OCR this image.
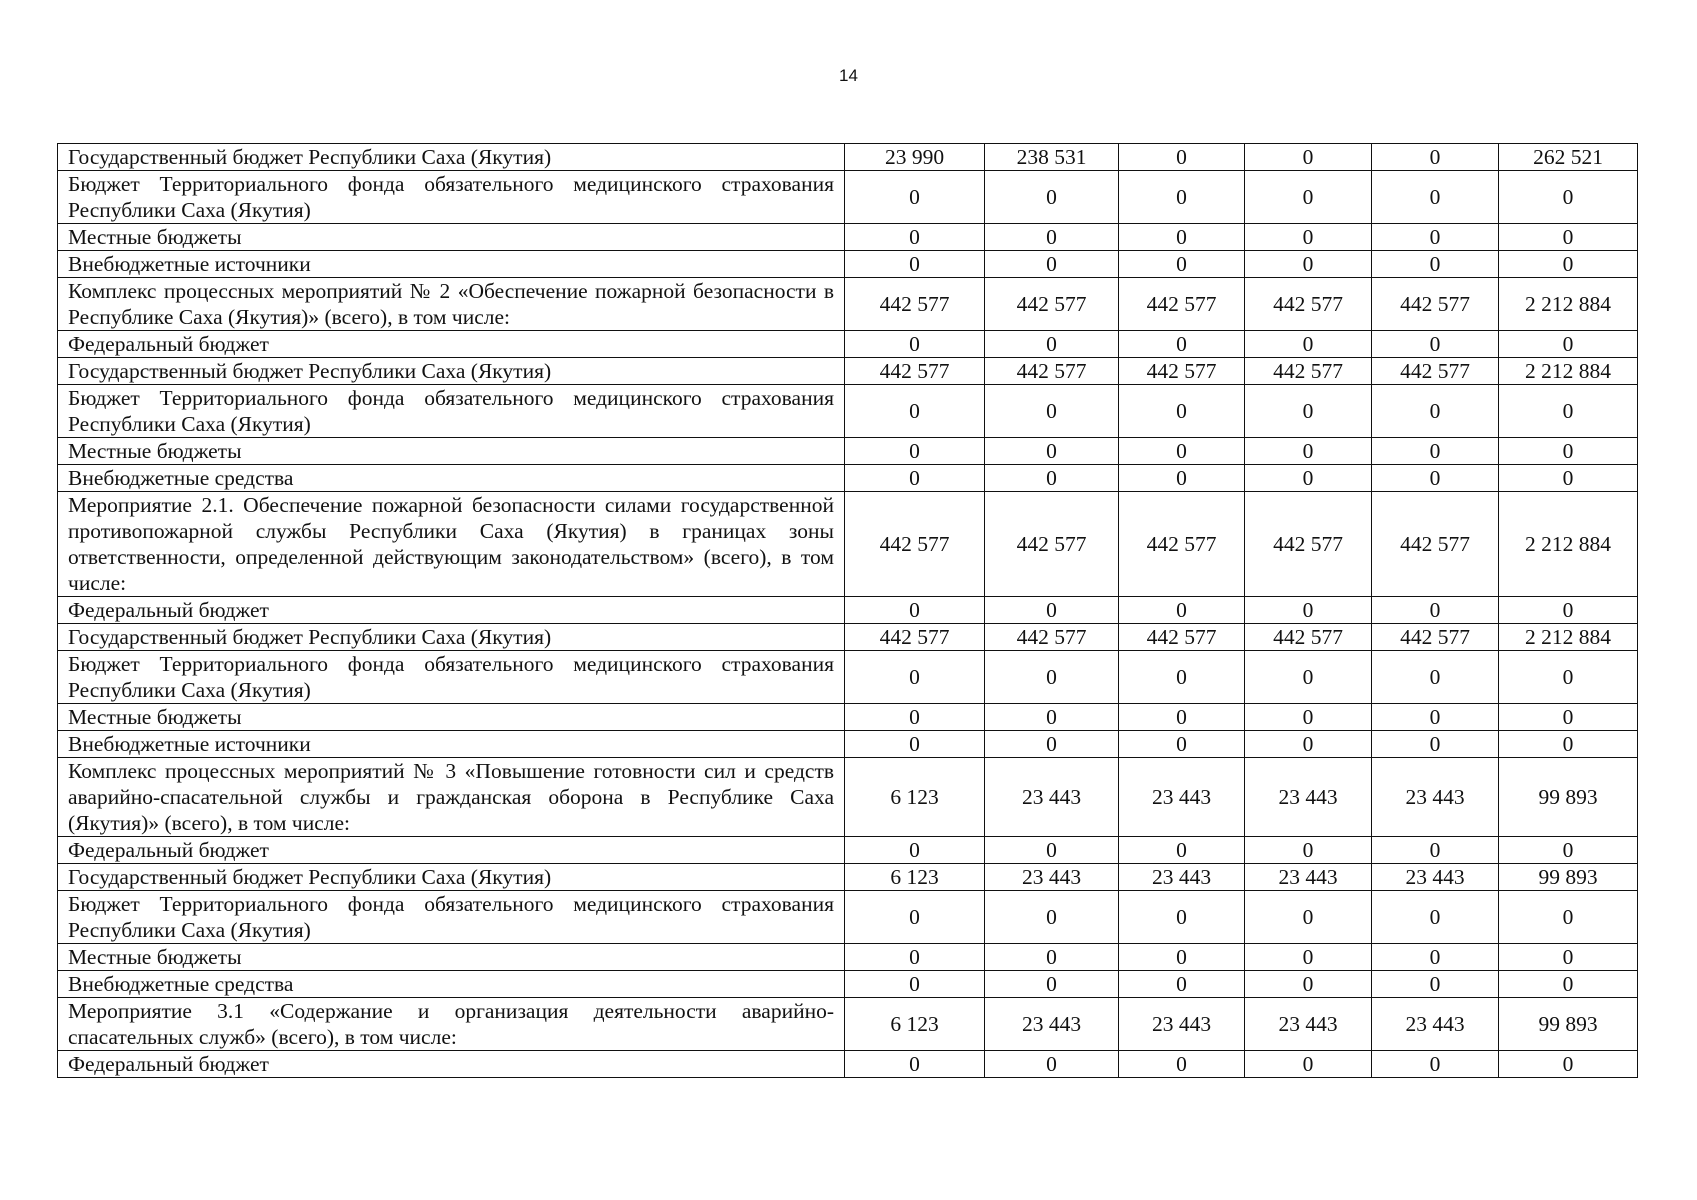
14
Государственный бюджет Республики Саха (Якутия)	23 990	238 531	0	0	0	262 521
Бюджет Территориального фонда обязательного медицинского страхования Республики Саха (Якутия)	0	0	0	0	0	0
Местные бюджеты	0	0	0	0	0	0
Внебюджетные источники	0	0	0	0	0	0
Комплекс процессных мероприятий № 2 «Обеспечение пожарной безопасности в Республике Саха (Якутия)» (всего), в том числе:	442 577	442 577	442 577	442 577	442 577	2 212 884
Федеральный бюджет	0	0	0	0	0	0
Государственный бюджет Республики Саха (Якутия)	442 577	442 577	442 577	442 577	442 577	2 212 884
Бюджет Территориального фонда обязательного медицинского страхования Республики Саха (Якутия)	0	0	0	0	0	0
Местные бюджеты	0	0	0	0	0	0
Внебюджетные средства	0	0	0	0	0	0
Мероприятие 2.1. Обеспечение пожарной безопасности силами государственной противопожарной службы Республики Саха (Якутия) в границах зоны ответственности, определенной действующим законодательством» (всего), в том числе:	442 577	442 577	442 577	442 577	442 577	2 212 884
Федеральный бюджет	0	0	0	0	0	0
Государственный бюджет Республики Саха (Якутия)	442 577	442 577	442 577	442 577	442 577	2 212 884
Бюджет Территориального фонда обязательного медицинского страхования Республики Саха (Якутия)	0	0	0	0	0	0
Местные бюджеты	0	0	0	0	0	0
Внебюджетные источники	0	0	0	0	0	0
Комплекс процессных мероприятий № 3 «Повышение готовности сил и средств аварийно-спасательной службы и гражданская оборона в Республике Саха (Якутия)» (всего), в том числе:	6 123	23 443	23 443	23 443	23 443	99 893
Федеральный бюджет	0	0	0	0	0	0
Государственный бюджет Республики Саха (Якутия)	6 123	23 443	23 443	23 443	23 443	99 893
Бюджет Территориального фонда обязательного медицинского страхования Республики Саха (Якутия)	0	0	0	0	0	0
Местные бюджеты	0	0	0	0	0	0
Внебюджетные средства	0	0	0	0	0	0
Мероприятие 3.1 «Содержание и организация деятельности аварийно-спасательных служб» (всего), в том числе:	6 123	23 443	23 443	23 443	23 443	99 893
Федеральный бюджет	0	0	0	0	0	0
